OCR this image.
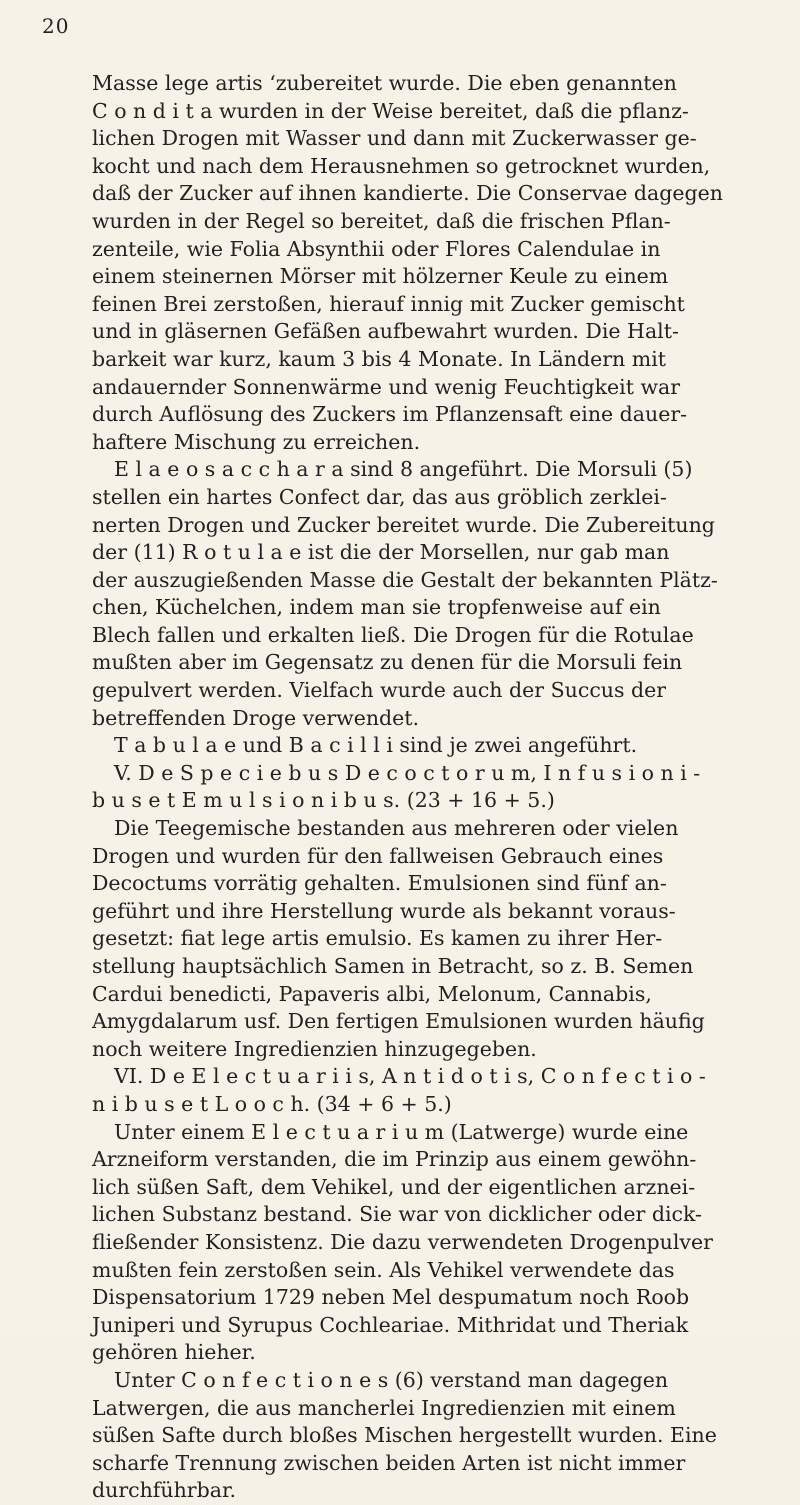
20
Masse lege artis ʻzubereitet wurde. Die eben genannten
C o n d i t a wurden in der Weise bereitet, daß die pflanz-
lichen Drogen mit Wasser und dann mit Zuckerwasser ge-
kocht und nach dem Herausnehmen so getrocknet wurden,
daß der Zucker auf ihnen kandierte. Die Conservae dagegen
wurden in der Regel so bereitet, daß die frischen Pflan-
zenteile, wie Folia Absynthii oder Flores Calendulae in
einem steinernen Mörser mit hölzerner Keule zu einem
feinen Brei zerstoßen, hierauf innig mit Zucker gemischt
und in gläsernen Gefäßen aufbewahrt wurden. Die Halt-
barkeit war kurz, kaum 3 bis 4 Monate. In Ländern mit
andauernder Sonnenwärme und wenig Feuchtigkeit war
durch Auflösung des Zuckers im Pflanzensaft eine dauer-
haftere Mischung zu erreichen.
E l a e o s a c c h a r a sind 8 angeführt. Die Morsuli (5)
stellen ein hartes Confect dar, das aus gröblich zerklei-
nerten Drogen und Zucker bereitet wurde. Die Zubereitung
der (11) R o t u l a e ist die der Morsellen, nur gab man
der auszugießenden Masse die Gestalt der bekannten Plätz-
chen, Küchelchen, indem man sie tropfenweise auf ein
Blech fallen und erkalten ließ. Die Drogen für die Rotulae
mußten aber im Gegensatz zu denen für die Morsuli fein
gepulvert werden. Vielfach wurde auch der Succus der
betreffenden Droge verwendet.
T a b u l a e und B a c i l l i sind je zwei angeführt.
V. D e S p e c i e b u s D e c o c t o r u m, I n f u s i o n i -
b u s e t E m u l s i o n i b u s. (23 + 16 + 5.)
Die Teegemische bestanden aus mehreren oder vielen
Drogen und wurden für den fallweisen Gebrauch eines
Decoctums vorrätig gehalten. Emulsionen sind fünf an-
geführt und ihre Herstellung wurde als bekannt voraus-
gesetzt: fiat lege artis emulsio. Es kamen zu ihrer Her-
stellung hauptsächlich Samen in Betracht, so z. B. Semen
Cardui benedicti, Papaveris albi, Melonum, Cannabis,
Amygdalarum usf. Den fertigen Emulsionen wurden häufig
noch weitere Ingredienzien hinzugegeben.
VI. D e E l e c t u a r i i s, A n t i d o t i s, C o n f e c t i o -
n i b u s e t L o o c h. (34 + 6 + 5.)
Unter einem E l e c t u a r i u m (Latwerge) wurde eine
Arzneiform verstanden, die im Prinzip aus einem gewöhn-
lich süßen Saft, dem Vehikel, und der eigentlichen arznei-
lichen Substanz bestand. Sie war von dicklicher oder dick-
fließender Konsistenz. Die dazu verwendeten Drogenpulver
mußten fein zerstoßen sein. Als Vehikel verwendete das
Dispensatorium 1729 neben Mel despumatum noch Roob
Juniperi und Syrupus Cochleariae. Mithridat und Theriak
gehören hieher.
Unter C o n f e c t i o n e s (6) verstand man dagegen
Latwergen, die aus mancherlei Ingredienzien mit einem
süßen Safte durch bloßes Mischen hergestellt wurden. Eine
scharfe Trennung zwischen beiden Arten ist nicht immer
durchführbar.
